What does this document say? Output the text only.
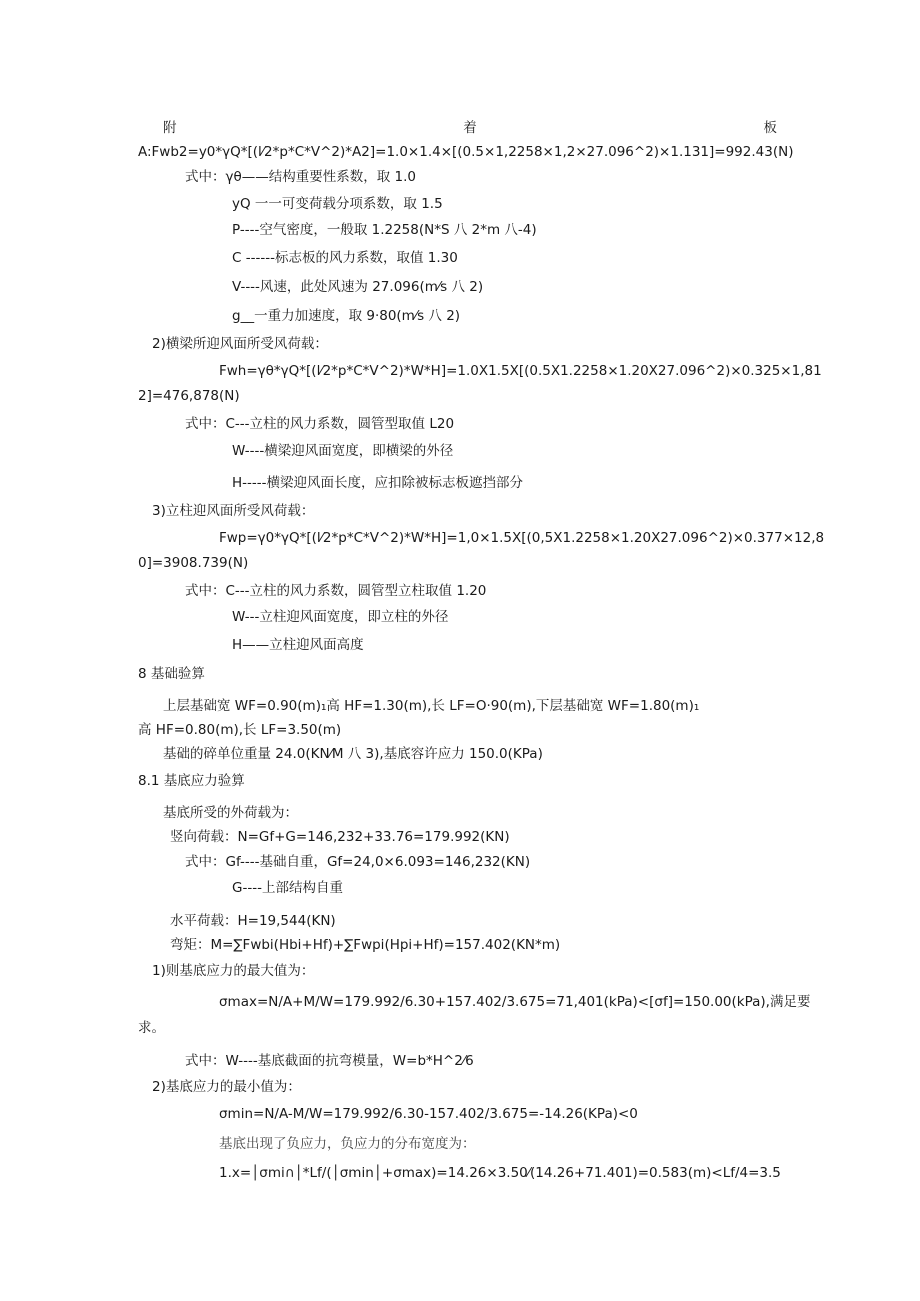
附	着	板
A:Fwb2=y0*γQ*[(l⁄2*p*C*V^2)*A2]=1.0×1.4×[(0.5×1,2258×1,2×27.096^2)×1.131]=992.43(N)
式中：γθ——结构重要性系数，取 1.0
yQ 一一可变荷载分项系数，取 1.5
P----空气密度，一般取 1.2258(N*S 八 2*m 八-4)
C ------标志板的风力系数，取值 1.30
V----风速，此处风速为 27.096(m⁄s 八 2)
g__一重力加速度，取 9·80(m⁄s 八 2)
2)横梁所迎风面所受风荷载：
Fwh=γθ*γQ*[(l⁄2*p*C*V^2)*W*H]=1.0X1.5X[(0.5X1.2258×1.20X27.096^2)×0.325×1,81
2]=476,878(N)
式中：C---立柱的风力系数，圆管型取值 L20
W----横梁迎风面宽度，即横梁的外径
H-----横梁迎风面长度，应扣除被标志板遮挡部分
3)立柱迎风面所受风荷载：
Fwp=γ0*γQ*[(l⁄2*p*C*V^2)*W*H]=1,0×1.5X[(0,5X1.2258×1.20X27.096^2)×0.377×12,8
0]=3908.739(N)
式中：C---立柱的风力系数，圆管型立柱取值 1.20
W---立柱迎风面宽度，即立柱的外径
H——立柱迎风面高度
8 基础验算
上层基础宽 WF=0.90(m)₁高 HF=1.30(m),长 LF=O·90(m),下层基础宽 WF=1.80(m)₁
高 HF=0.80(m),长 LF=3.50(m)
基础的碎单位重量 24.0(KN⁄M 八 3),基底容许应力 150.0(KPa)
8.1 基底应力验算
基底所受的外荷载为：
竖向荷载：N=Gf+G=146,232+33.76=179.992(KN)
式中：Gf----基础自重，Gf=24,0×6.093=146,232(KN)
G----上部结构自重
水平荷载：H=19,544(KN)
弯矩：M=∑Fwbi(Hbi+Hf)+∑Fwpi(Hpi+Hf)=157.402(KN*m)
1)则基底应力的最大值为：
σmax=N/A+M/W=179.992/6.30+157.402/3.675=71,401(kPa)<[σf]=150.00(kPa),满足要
求。
式中：W----基底截面的抗弯模量，W=b*H^2⁄6
2)基底应力的最小值为：
σmin=N/A-M/W=179.992/6.30-157.402/3.675=-14.26(KPa)<0
基底出现了负应力，负应力的分布宽度为：
1.x=│σmi∩│*Lf/(│σmin│+σmax)=14.26×3.50⁄(14.26+71.401)=0.583(m)<Lf/4=3.5
